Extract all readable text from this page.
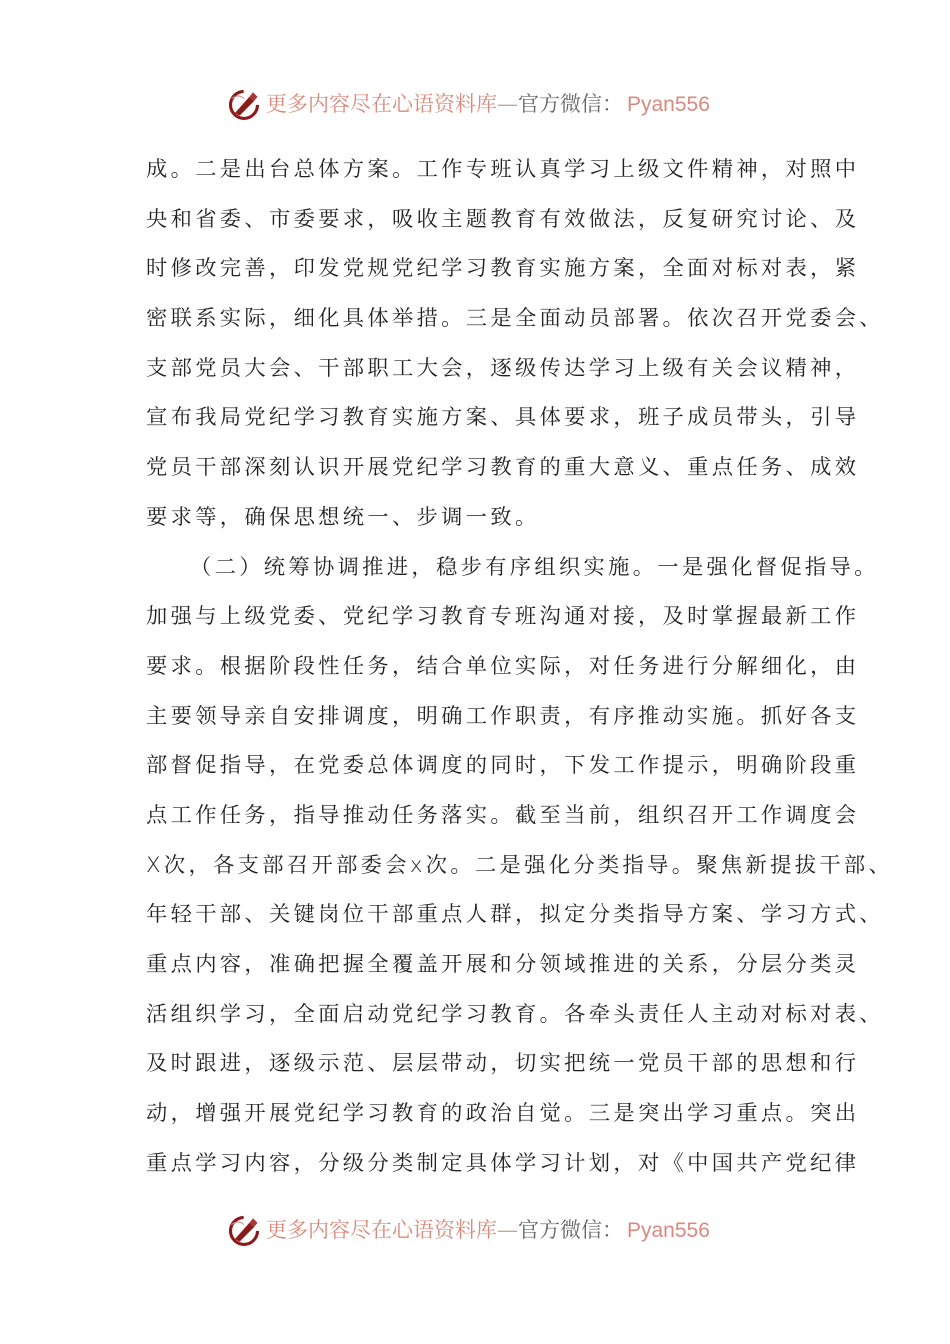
更多内容尽在心语资料库—官方微信： Pyan556
成。二是出台总体方案。工作专班认真学习上级文件精神，对照中
央和省委、市委要求，吸收主题教育有效做法，反复研究讨论、及
时修改完善，印发党规党纪学习教育实施方案，全面对标对表，紧
密联系实际，细化具体举措。三是全面动员部署。依次召开党委会、
支部党员大会、干部职工大会，逐级传达学习上级有关会议精神，
宣布我局党纪学习教育实施方案、具体要求，班子成员带头，引导
党员干部深刻认识开展党纪学习教育的重大意义、重点任务、成效
要求等，确保思想统一、步调一致。
（二）统筹协调推进，稳步有序组织实施。一是强化督促指导。
加强与上级党委、党纪学习教育专班沟通对接，及时掌握最新工作
要求。根据阶段性任务，结合单位实际，对任务进行分解细化，由
主要领导亲自安排调度，明确工作职责，有序推动实施。抓好各支
部督促指导，在党委总体调度的同时，下发工作提示，明确阶段重
点工作任务，指导推动任务落实。截至当前，组织召开工作调度会
X次，各支部召开部委会x次。二是强化分类指导。聚焦新提拔干部、
年轻干部、关键岗位干部重点人群，拟定分类指导方案、学习方式、
重点内容，准确把握全覆盖开展和分领域推进的关系，分层分类灵
活组织学习，全面启动党纪学习教育。各牵头责任人主动对标对表、
及时跟进，逐级示范、层层带动，切实把统一党员干部的思想和行
动，增强开展党纪学习教育的政治自觉。三是突出学习重点。突出
重点学习内容，分级分类制定具体学习计划，对《中国共产党纪律
更多内容尽在心语资料库—官方微信： Pyan556
